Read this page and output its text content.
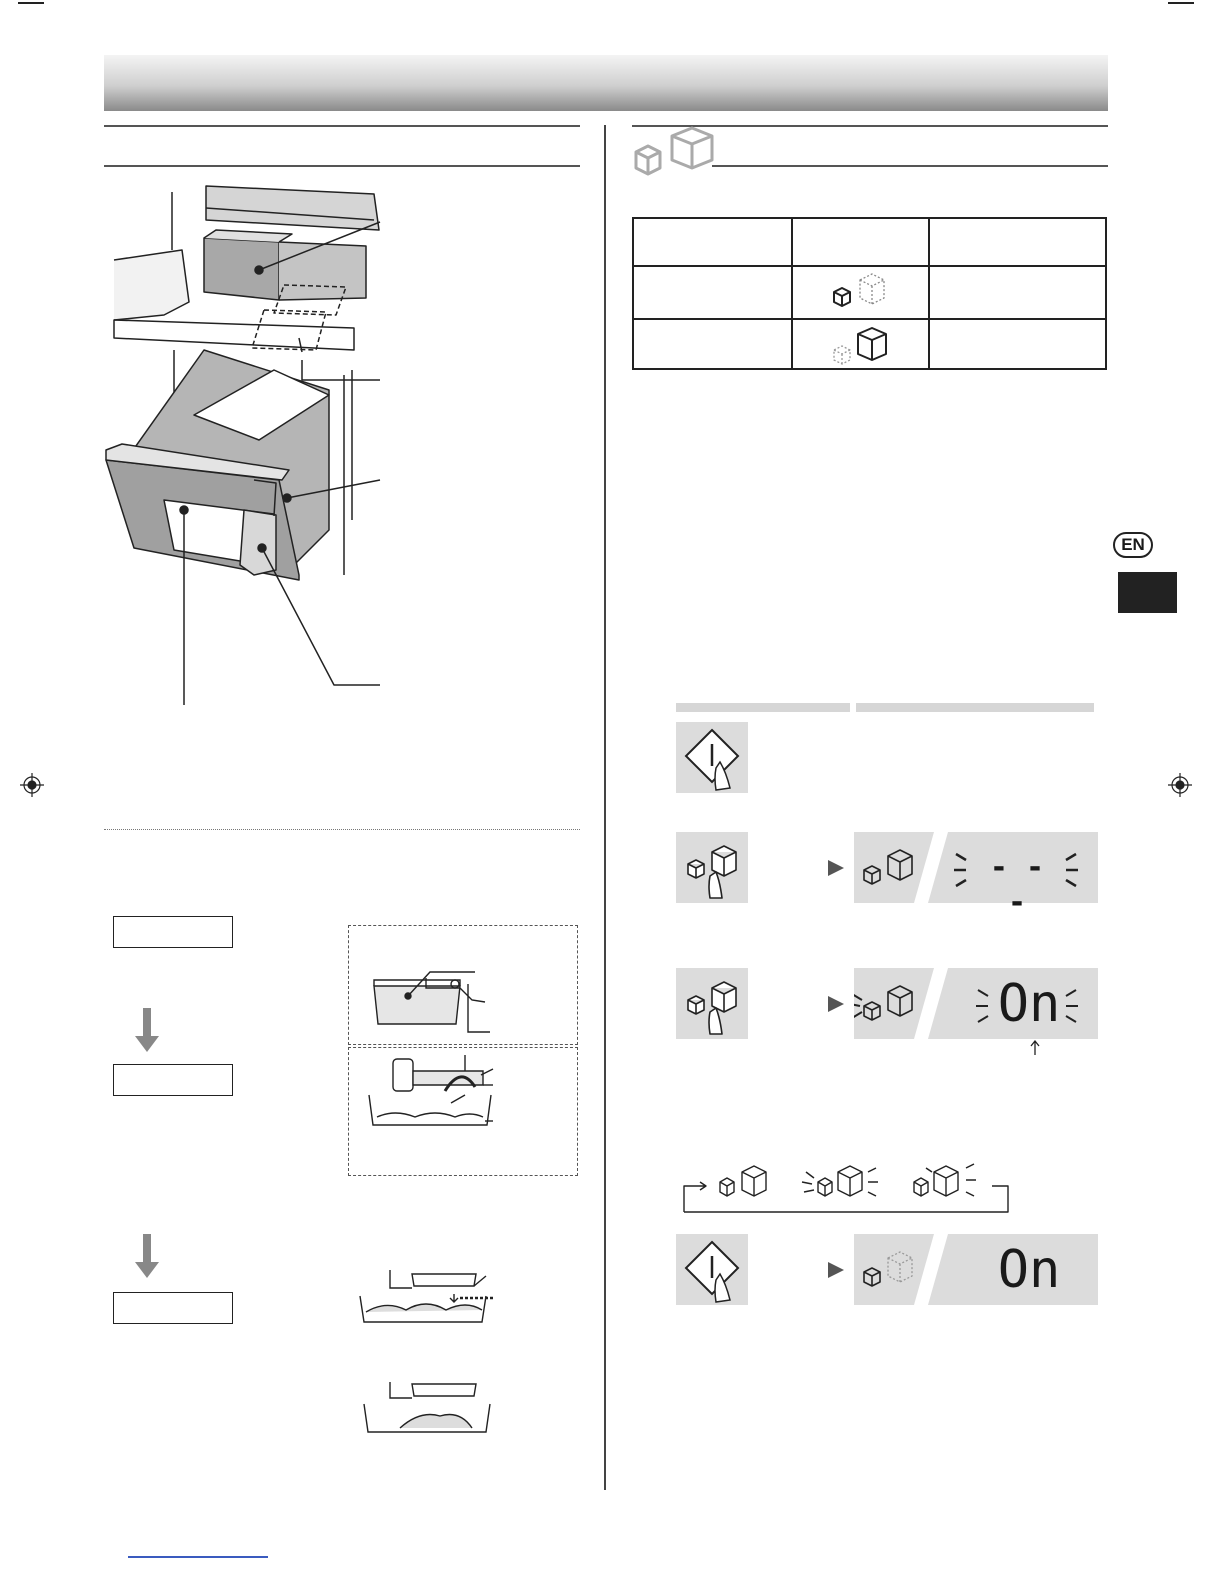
EN
- - -
On
On
